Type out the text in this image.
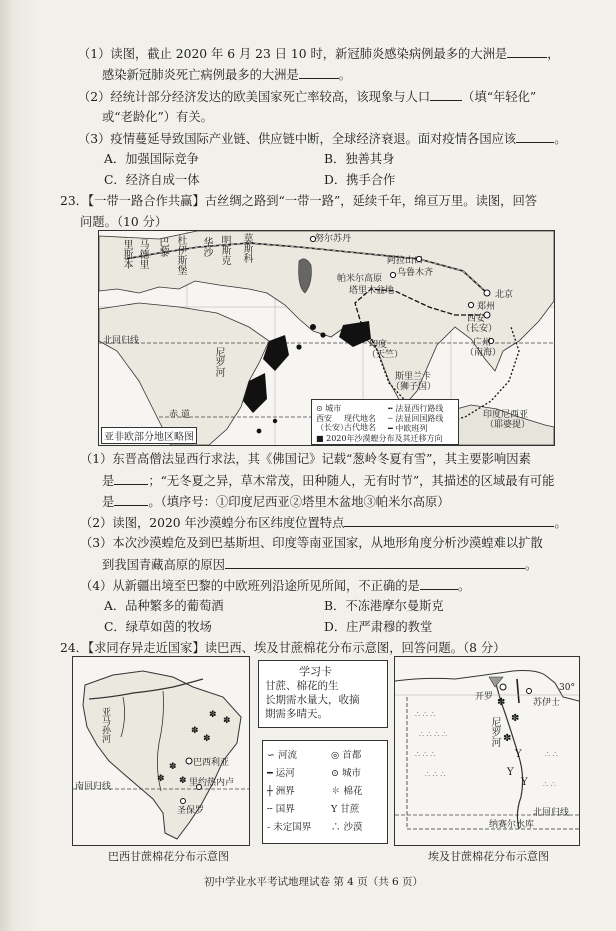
（1）读图，截止 2020 年 6 月 23 日 10 时，新冠肺炎感染病例最多的大洲是	，
感染新冠肺炎死亡病例最多的大洲是	。
（2）经统计部分经济发达的欧美国家死亡率较高，该现象与人口	（填“年轻化”
或“老龄化”）有关。
（3）疫情蔓延导致国际产业链、供应链中断，全球经济衰退。面对疫情各国应该	。
A．加强国际竞争	B．独善其身
C．经济自成一体	D．携手合作
23．【一带一路合作共赢】古丝绸之路到“一带一路”，延续千年，绵亘万里。读图，回答
问题。（10 分）
努尔苏丹
阿拉山口
乌鲁木齐
帕米尔高原
塔里木盆地	北京
西安
（长安）
郑州
广州
（南海）
印度
（天竺）
斯里兰卡
（狮子国）
印度尼西亚
（耶婆提）
北回归线
赤 道
里斯本 马德里 巴黎 杜伊斯堡 华沙 明斯克 莫斯科
尼罗河
⊙ 城市
西安
（长安）
现代地名
古代地名
╍ 法显西行路线
┄ 法显回国路线
━ 中欧班列
■ 2020年沙漠蝗分布及其迁移方向
亚非欧部分地区略图
（1）东晋高僧法显西行求法，其《佛国记》记载“葱岭冬夏有雪”，其主要影响因素
是	；“无冬夏之异，草木常茂，田种随人，无有时节”，其描述的区域最有可能
是	。（填序号：①印度尼西亚②塔里木盆地③帕米尔高原）
（2）读图，2020 年沙漠蝗分布区纬度位置特点	。
（3）本次沙漠蝗危及到巴基斯坦、印度等南亚国家，从地形角度分析沙漠蝗难以扩散
到我国青藏高原的原因	。
（4）从新疆出境至巴黎的中欧班列沿途所见所闻，不正确的是	。
A．品种繁多的葡萄酒	B．不冻港摩尔曼斯克
C．绿草如茵的牧场	D．庄严肃穆的教堂
24．【求同存异走近国家】读巴西、埃及甘蔗棉花分布示意图，回答问题。（8 分）
✽
✽
✽
✽ ✽
✽
✽
亚马孙河
巴西利亚
里约热内卢
圣保罗
南回归线
巴西甘蔗棉花分布示意图
学习卡
甘蔗、棉花的生
长期需水量大，收摘
期需多晴天。
∽ 河流
━ 运河
┼ 洲界
╌ 国界
‐ 未定国界
◎ 首都
⊙ 城市
✽ 棉花
Y 甘蔗
∴ 沙漠
∴ ∴ ∴
∴ ∴ ∴ ∴
∴ ∴ ∴
∴ ∴ ∴
∴ ∴
∴ ∴
✽
✽
✽
Y
Y
Y
开罗
苏伊士
30°
尼罗河
纳赛尔水库
北回归线
埃及甘蔗棉花分布示意图
初中学业水平考试地理试卷 第 4 页（共 6 页）
